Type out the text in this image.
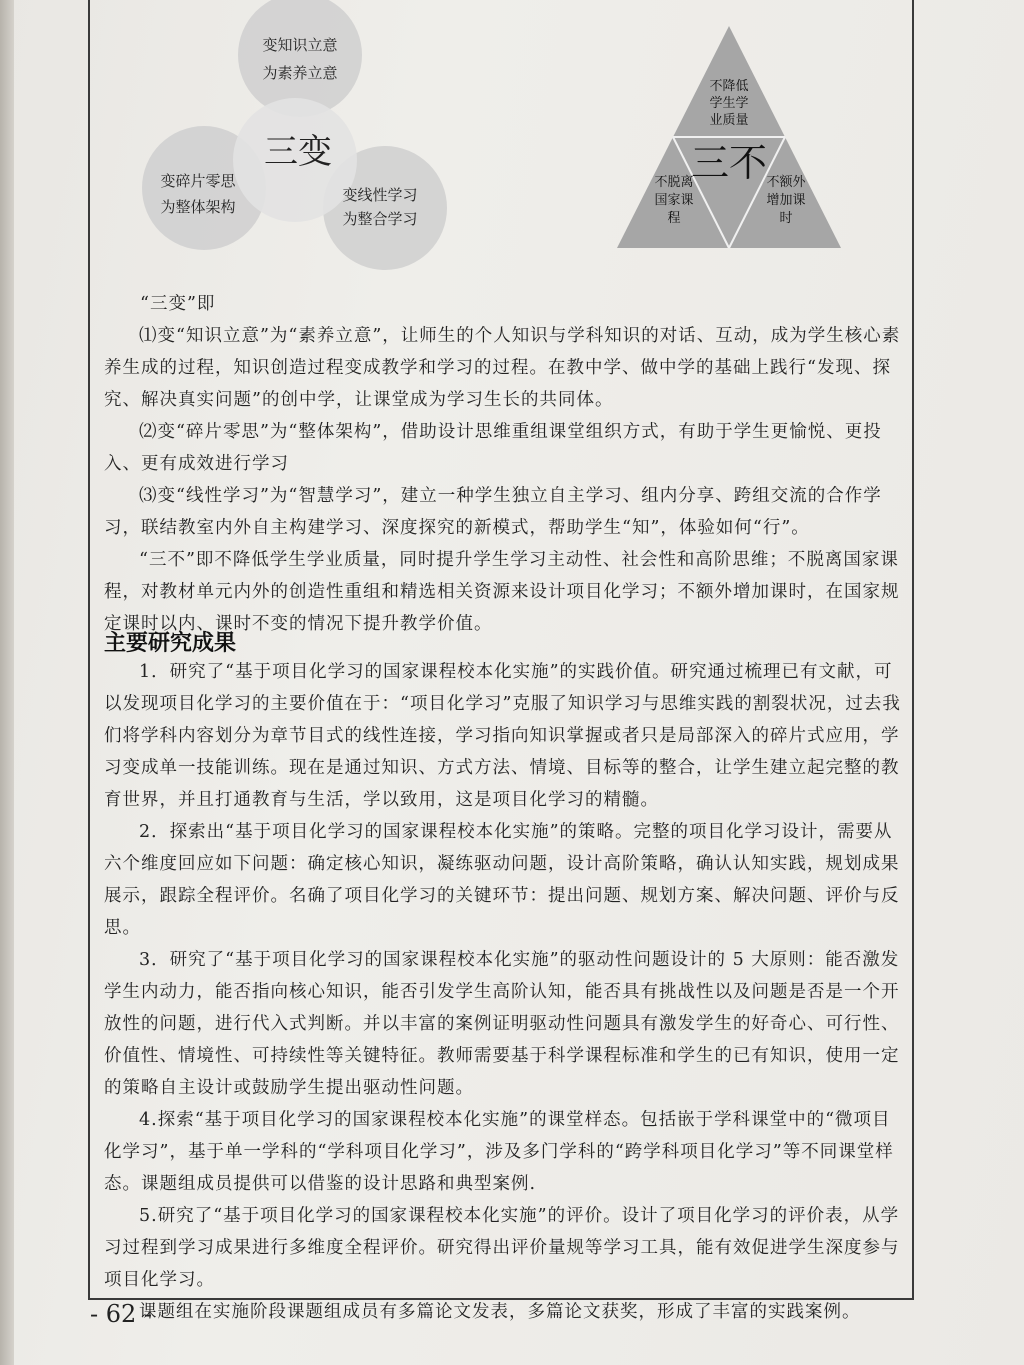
变知识立意
为素养立意
三变
变碎片零思
为整体架构
变线性学习
为整合学习
不降低
学生学
业质量
三不
不脱离
国家课
程
不额外
增加课
时

“三变”即

⑴变“知识立意”为“素养立意”，让师生的个人知识与学科知识的对话、互动，成为学生核心素养生成的过程，知识创造过程变成教学和学习的过程。在教中学、做中学的基础上践行“发现、探究、解决真实问题”的创中学，让课堂成为学习生长的共同体。

⑵变“碎片零思”为“整体架构”，借助设计思维重组课堂组织方式，有助于学生更愉悦、更投入、更有成效进行学习

⑶变“线性学习”为“智慧学习”，建立一种学生独立自主学习、组内分享、跨组交流的合作学习，联结教室内外自主构建学习、深度探究的新模式，帮助学生“知”，体验如何“行”。

“三不”即不降低学生学业质量，同时提升学生学习主动性、社会性和高阶思维；不脱离国家课程，对教材单元内外的创造性重组和精选相关资源来设计项目化学习；不额外增加课时，在国家规定课时以内、课时不变的情况下提升教学价值。

主要研究成果

1．研究了“基于项目化学习的国家课程校本化实施”的实践价值。研究通过梳理已有文献，可以发现项目化学习的主要价值在于：“项目化学习”克服了知识学习与思维实践的割裂状况，过去我们将学科内容划分为章节目式的线性连接，学习指向知识掌握或者只是局部深入的碎片式应用，学习变成单一技能训练。现在是通过知识、方式方法、情境、目标等的整合，让学生建立起完整的教育世界，并且打通教育与生活，学以致用，这是项目化学习的精髓。

2．探索出“基于项目化学习的国家课程校本化实施”的策略。完整的项目化学习设计，需要从六个维度回应如下问题：确定核心知识，凝练驱动问题，设计高阶策略，确认认知实践，规划成果展示，跟踪全程评价。名确了项目化学习的关键环节：提出问题、规划方案、解决问题、评价与反思。

3．研究了“基于项目化学习的国家课程校本化实施”的驱动性问题设计的 5 大原则：能否激发学生内动力，能否指向核心知识，能否引发学生高阶认知，能否具有挑战性以及问题是否是一个开放性的问题，进行代入式判断。并以丰富的案例证明驱动性问题具有激发学生的好奇心、可行性、价值性、情境性、可持续性等关键特征。教师需要基于科学课程标准和学生的已有知识，使用一定的策略自主设计或鼓励学生提出驱动性问题。

4.探索“基于项目化学习的国家课程校本化实施”的课堂样态。包括嵌于学科课堂中的“微项目化学习”，基于单一学科的“学科项目化学习”，涉及多门学科的“跨学科项目化学习”等不同课堂样态。课题组成员提供可以借鉴的设计思路和典型案例.

5.研究了“基于项目化学习的国家课程校本化实施”的评价。设计了项目化学习的评价表，从学习过程到学习成果进行多维度全程评价。研究得出评价量规等学习工具，能有效促进学生深度参与项目化学习。

课题组在实施阶段课题组成员有多篇论文发表，多篇论文获奖，形成了丰富的实践案例。

- 62 -
